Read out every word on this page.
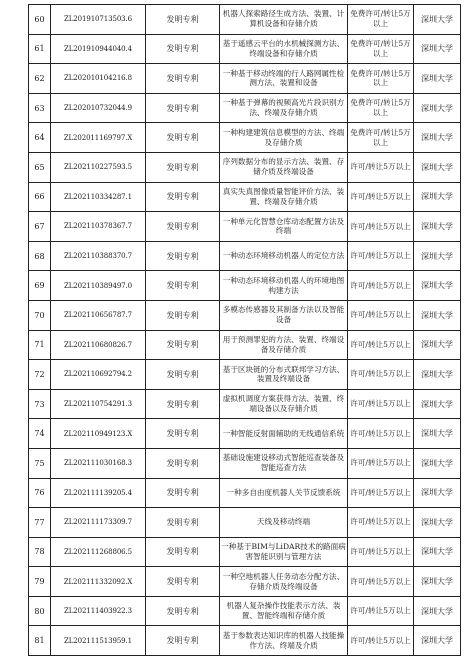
60	ZL201910713503.6	发明专利	机器人探索路径生成方法、装置、计算机设备和存储介质	免费许可/转让5万以上	深圳大学
61	ZL201910944040.4	发明专利	基于遥感云平台的水机械探测方法、终端设备和存储介质	免费许可/转让5万以上	深圳大学
62	ZL202010104216.8	发明专利	一种基于移动终端的行人路网属性检测方法、装置和设备	免费许可/转让5万以上	深圳大学
63	ZL202010732044.9	发明专利	一种基于弹幕的视频高光片段识别方法、终端及存储介质	免费许可/转让5万以上	深圳大学
64	ZL202011169797.X	发明专利	一种构建建筑信息模型的方法、终端及存储介质	免费许可/转让5万以上	深圳大学
65	ZL202110227593.5	发明专利	序列数据分布的显示方法、装置、存储介质及终端设备	许可/转让5万以上	深圳大学
66	ZL202110334287.1	发明专利	真实失真图像质量智能评价方法、装置、终端及存储介质	许可/转让5万以上	深圳大学
67	ZL202110378367.7	发明专利	一种单元化智慧仓库动态配置方法及终端	许可/转让5万以上	深圳大学
68	ZL202110388370.7	发明专利	一种动态环境移动机器人的定位方法	许可/转让5万以上	深圳大学
69	ZL202110389497.0	发明专利	一种动态环境移动机器人的环境地图构建方法	许可/转让5万以上	深圳大学
70	ZL202110656787.7	发明专利	多模态传感器及其制备方法以及智能设备	许可/转让5万以上	深圳大学
71	ZL202110680826.7	发明专利	用于预测罪犯的方法、装置、终端设备及存储介质	许可/转让5万以上	深圳大学
72	ZL202110692794.2	发明专利	基于区块链的分布式联邦学习方法、装置及终端设备	许可/转让5万以上	深圳大学
73	ZL202110754291.3	发明专利	虚拟机调度方案获得方法、装置、终端设备以及存储介质	许可/转让5万以上	深圳大学
74	ZL202110949123.X	发明专利	一种智能反射面辅助的无线通信系统	许可/转让5万以上	深圳大学
75	ZL202111030168.3	发明专利	基础设施建设移动式智能巡查装备及智能巡查方法	许可/转让5万以上	深圳大学
76	ZL202111139205.4	发明专利	一种多自由度机器人关节反馈系统	许可/转让5万以上	深圳大学
77	ZL202111173309.7	发明专利	天线及移动终端	许可/转让5万以上	深圳大学
78	ZL202111268806.5	发明专利	一种基于BIM与LiDAR技术的路面病害智能识别与管理方法	许可/转让5万以上	深圳大学
79	ZL202111332092.X	发明专利	一种空地机器人任务动态分配方法、存储介质及终端设备	许可/转让5万以上	深圳大学
80	ZL202111403922.3	发明专利	机器人复杂操作技能表示方法、装置、智能终端和存储介质	许可/转让5万以上	深圳大学
81	ZL202111513959.1	发明专利	基于参数表达知识库的机器人技能操作方法、终端及介质	许可/转让5万以上	深圳大学
